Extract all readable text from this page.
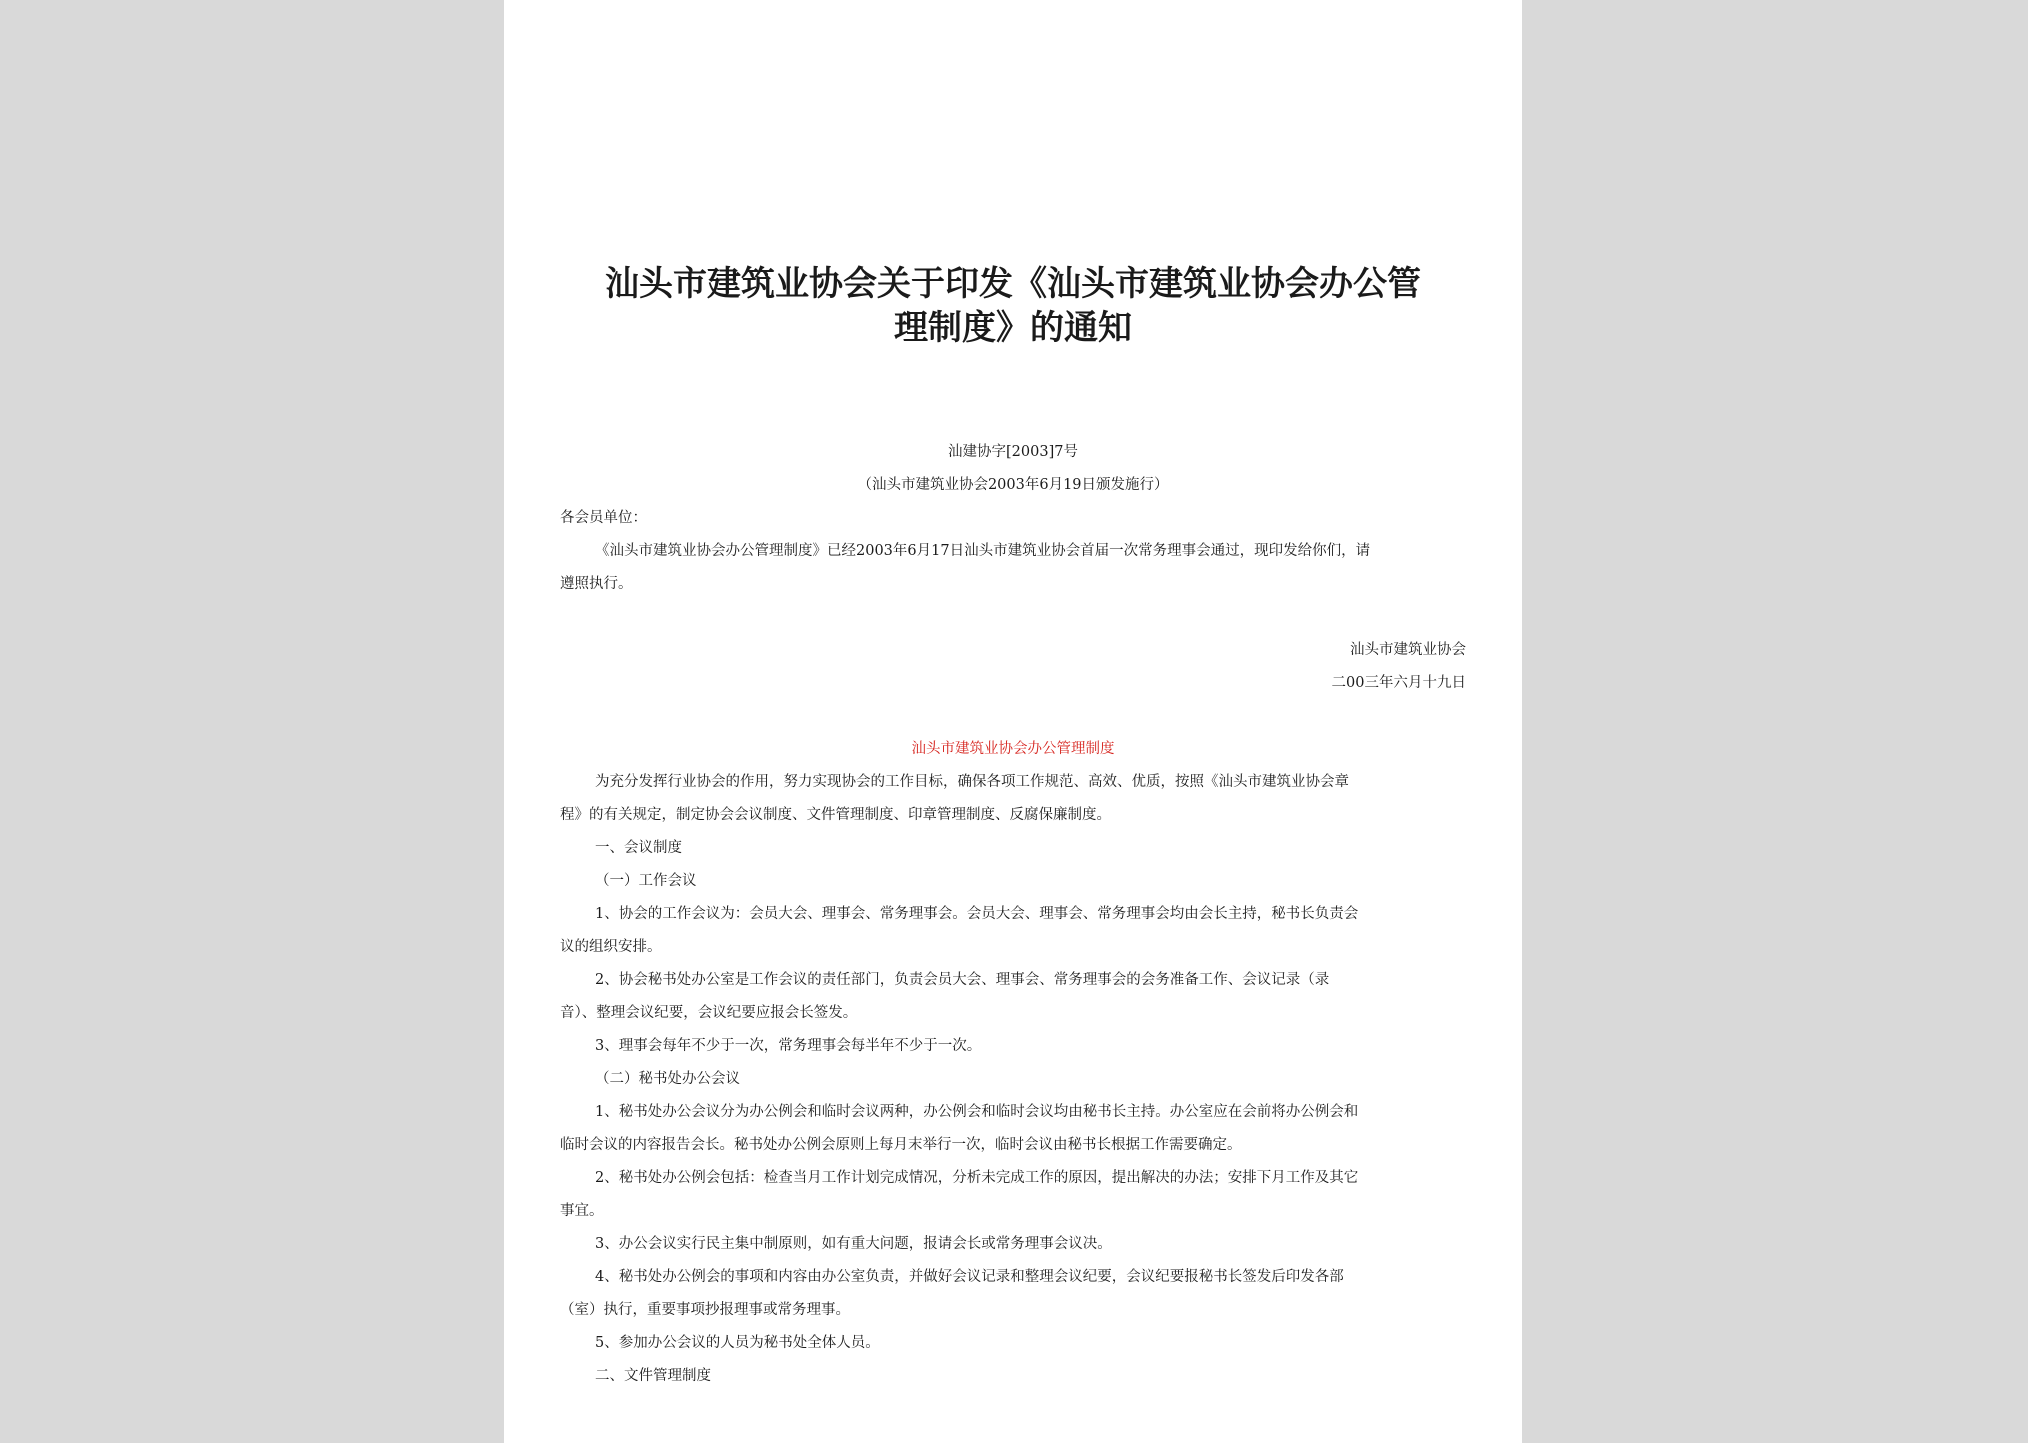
汕头市建筑业协会关于印发《汕头市建筑业协会办公管
理制度》的通知
汕建协字[2003]7号
（汕头市建筑业协会2003年6月19日颁发施行）
各会员单位：
《汕头市建筑业协会办公管理制度》已经2003年6月17日汕头市建筑业协会首届一次常务理事会通过，现印发给你们，请
遵照执行。
汕头市建筑业协会
二00三年六月十九日
汕头市建筑业协会办公管理制度
为充分发挥行业协会的作用，努力实现协会的工作目标，确保各项工作规范、高效、优质，按照《汕头市建筑业协会章
程》的有关规定，制定协会会议制度、文件管理制度、印章管理制度、反腐保廉制度。
一、会议制度
（一）工作会议
1、协会的工作会议为：会员大会、理事会、常务理事会。会员大会、理事会、常务理事会均由会长主持，秘书长负责会
议的组织安排。
2、协会秘书处办公室是工作会议的责任部门，负责会员大会、理事会、常务理事会的会务准备工作、会议记录（录
音）、整理会议纪要，会议纪要应报会长签发。
3、理事会每年不少于一次，常务理事会每半年不少于一次。
（二）秘书处办公会议
1、秘书处办公会议分为办公例会和临时会议两种，办公例会和临时会议均由秘书长主持。办公室应在会前将办公例会和
临时会议的内容报告会长。秘书处办公例会原则上每月末举行一次，临时会议由秘书长根据工作需要确定。
2、秘书处办公例会包括：检查当月工作计划完成情况，分析未完成工作的原因，提出解决的办法；安排下月工作及其它
事宜。
3、办公会议实行民主集中制原则，如有重大问题，报请会长或常务理事会议决。
4、秘书处办公例会的事项和内容由办公室负责，并做好会议记录和整理会议纪要，会议纪要报秘书长签发后印发各部
（室）执行，重要事项抄报理事或常务理事。
5、参加办公会议的人员为秘书处全体人员。
二、文件管理制度
